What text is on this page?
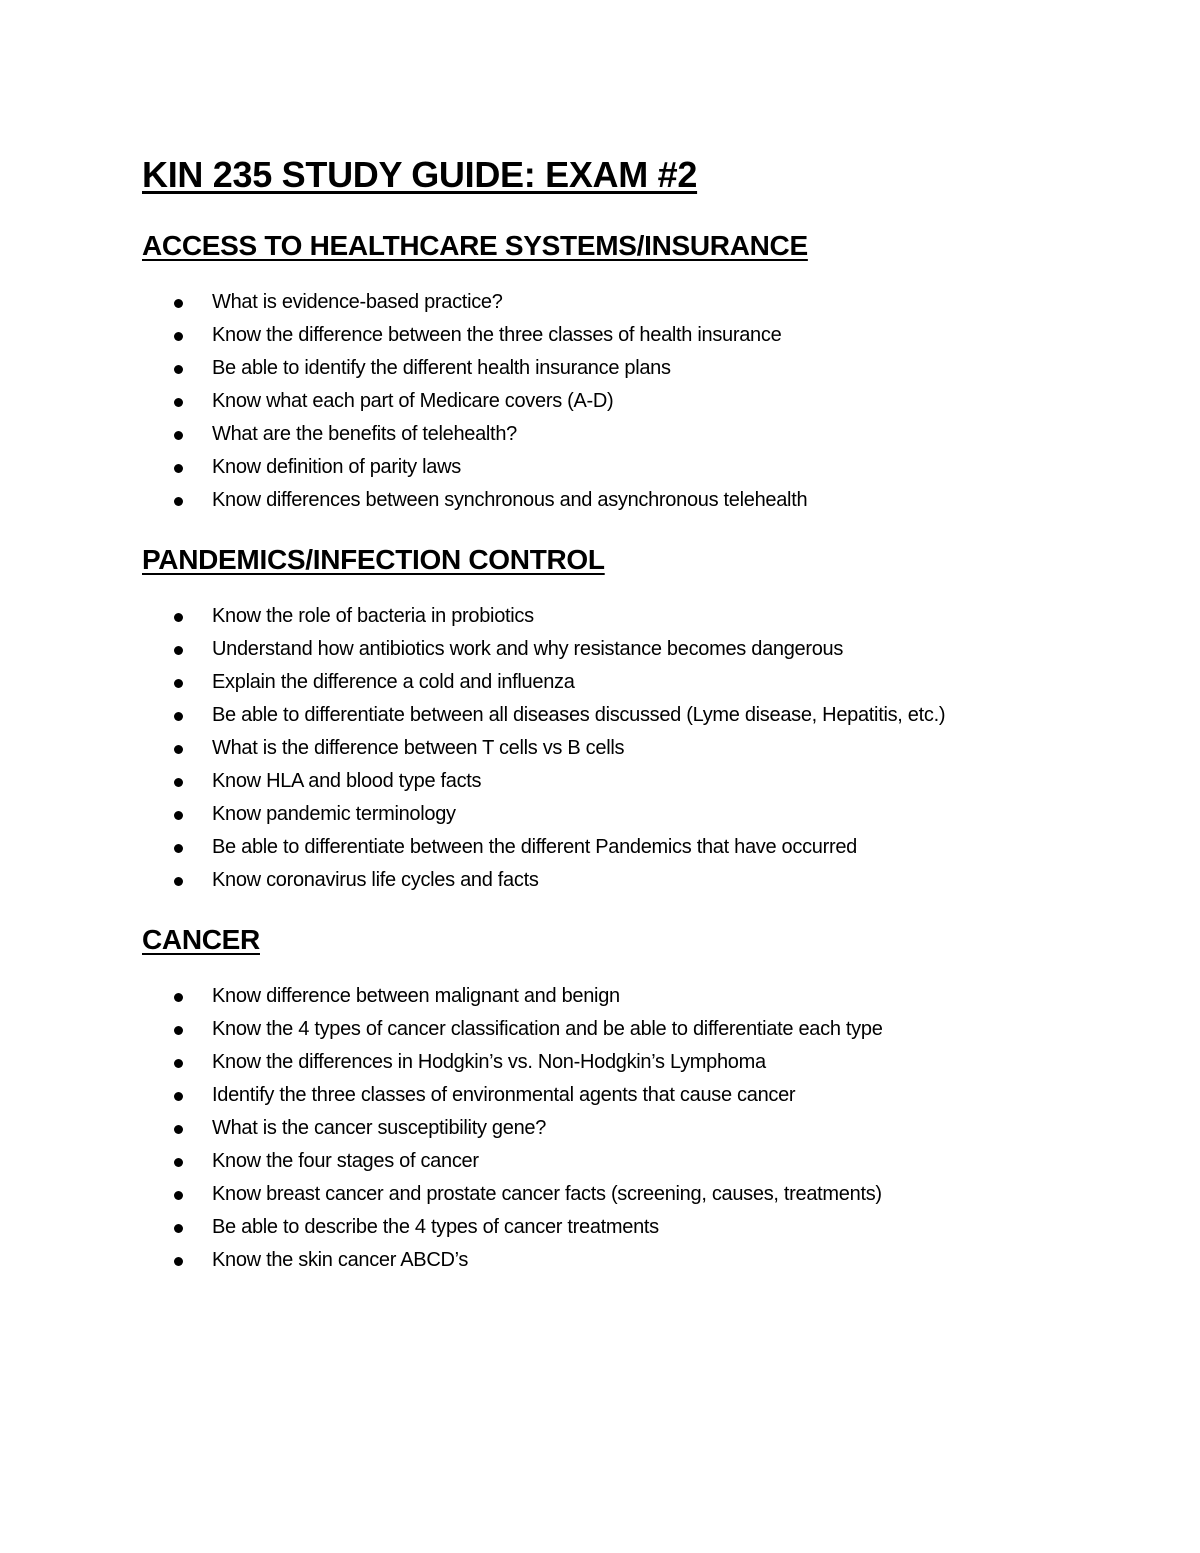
KIN 235 STUDY GUIDE: EXAM #2
ACCESS TO HEALTHCARE SYSTEMS/INSURANCE
What is evidence-based practice?
Know the difference between the three classes of health insurance
Be able to identify the different health insurance plans
Know what each part of Medicare covers (A-D)
What are the benefits of telehealth?
Know definition of parity laws
Know differences between synchronous and asynchronous telehealth
PANDEMICS/INFECTION CONTROL
Know the role of bacteria in probiotics
Understand how antibiotics work and why resistance becomes dangerous
Explain the difference a cold and influenza
Be able to differentiate between all diseases discussed (Lyme disease, Hepatitis, etc.)
What is the difference between T cells vs B cells
Know HLA and blood type facts
Know pandemic terminology
Be able to differentiate between the different Pandemics that have occurred
Know coronavirus life cycles and facts
CANCER
Know difference between malignant and benign
Know the 4 types of cancer classification and be able to differentiate each type
Know the differences in Hodgkin’s vs. Non-Hodgkin’s Lymphoma
Identify the three classes of environmental agents that cause cancer
What is the cancer susceptibility gene?
Know the four stages of cancer
Know breast cancer and prostate cancer facts (screening, causes, treatments)
Be able to describe the 4 types of cancer treatments
Know the skin cancer ABCD’s
